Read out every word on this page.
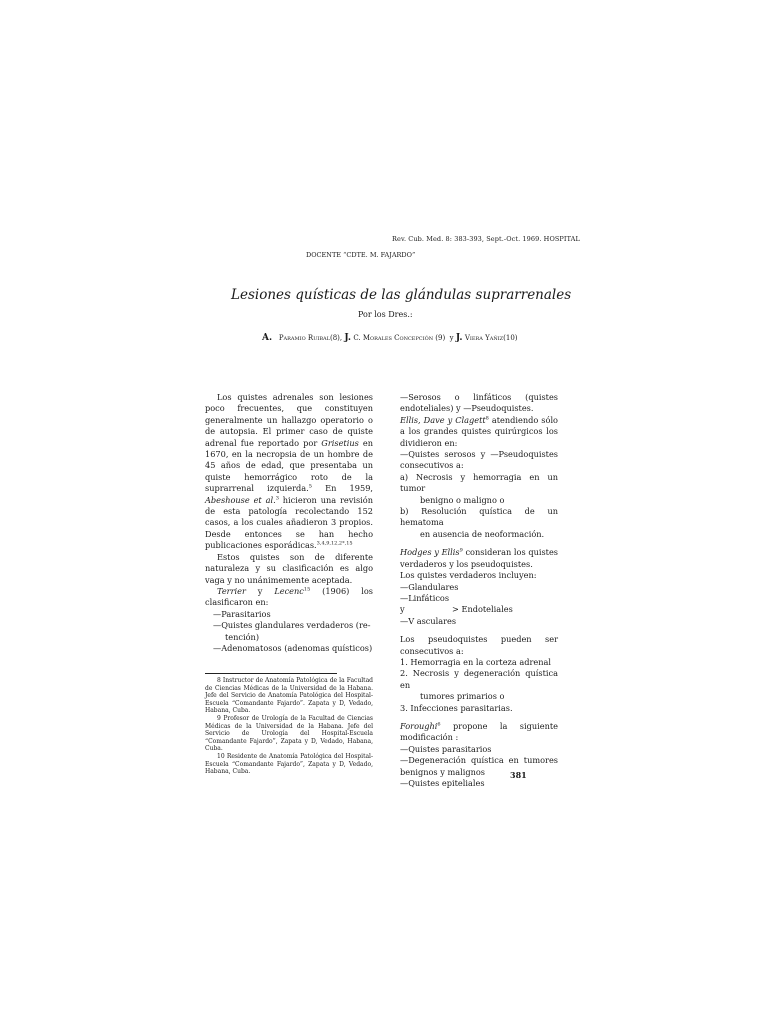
Rev. Cub. Med. 8: 383-393, Sept.-Oct. 1969. HOSPITAL
DOCENTE “CDTE. M. FAJARDO”
Lesiones quísticas de las glándulas suprarrenales
Por los Dres.:
A. Paramio Ruibal(8), J. C. Morales Concepción (9) y J. Viera Yañiz(10)

Los quistes adrenales son lesiones poco frecuentes, que constituyen generalmente un hallazgo operatorio o de autopsia. El primer caso de quiste adrenal fue reportado por Grisetius en 1670, en la necropsia de un hombre de 45 años de edad, que presentaba un quiste hemorrágico roto de la suprarrenal izquierda.$^5$ En 1959, Abeshouse et al.$^3$ hicieron una revisión de esta patología recolectando 152 casos, a los cuales añadieron 3 propios. Desde entonces se han hecho publicaciones esporádicas.$^{3,4,9,12,2*,15}$

Estos quistes son de diferente naturaleza y su clasificación es algo vaga y no unánimemente aceptada.

Terrier y Lecenc$^{15}$ (1906) los clasificaron en:

—Parasitarios

—Quistes glandulares verdaderos (re-

tención)

—Adenomatosos (adenomas quísticos)

8 Instructor de Anatomía Patológica de la Facultad de Ciencias Médicas de la Universidad de la Habana. Jefe del Servicio de Anatomía Patológica del Hospital-Escuela “Comandante Fajardo”. Zapata y D, Vedado, Habana, Cuba.

9 Profesor de Urología de la Facultad de Ciencias Médicas de la Universidad de la Habana. Jefe del Servicio de Urología del Hospital-Escuela “Comandante Fajardo”, Zapata y D, Vedado, Habana, Cuba.

10 Residente de Anatomía Patológica del Hospital-Escuela “Comandante Fajardo”, Zapata y D, Vedado, Habana, Cuba.

—Serosos o linfáticos (quistes endoteliales) y —Pseudoquistes.

Ellis, Dave y Clagett$^8$ atendiendo sólo a los grandes quistes quirúrgicos los dividieron en:

—Quistes serosos y —Pseudoquistes consecutivos a:

a) Necrosis y hemorragia en un tumor

benigno o maligno o

b) Resolución quística de un hematoma

en ausencia de neoformación.

Hodges y Ellis$^9$ consideran los quistes verdaderos y los pseudoquistes.

Los quistes verdaderos incluyen:

—Glandulares

—Linfáticos

y	> Endoteliales

—V asculares

Los pseudoquistes pueden ser consecutivos a:

1. Hemorragia en la corteza adrenal

2. Necrosis y degeneración quística en

tumores primarios o

3. Infecciones parasitarias.

Foroughi$^6$ propone la siguiente modificación :

—Quistes parasitarios

—Degeneración quística en tumores benignos y malignos

—Quistes epiteliales

381
